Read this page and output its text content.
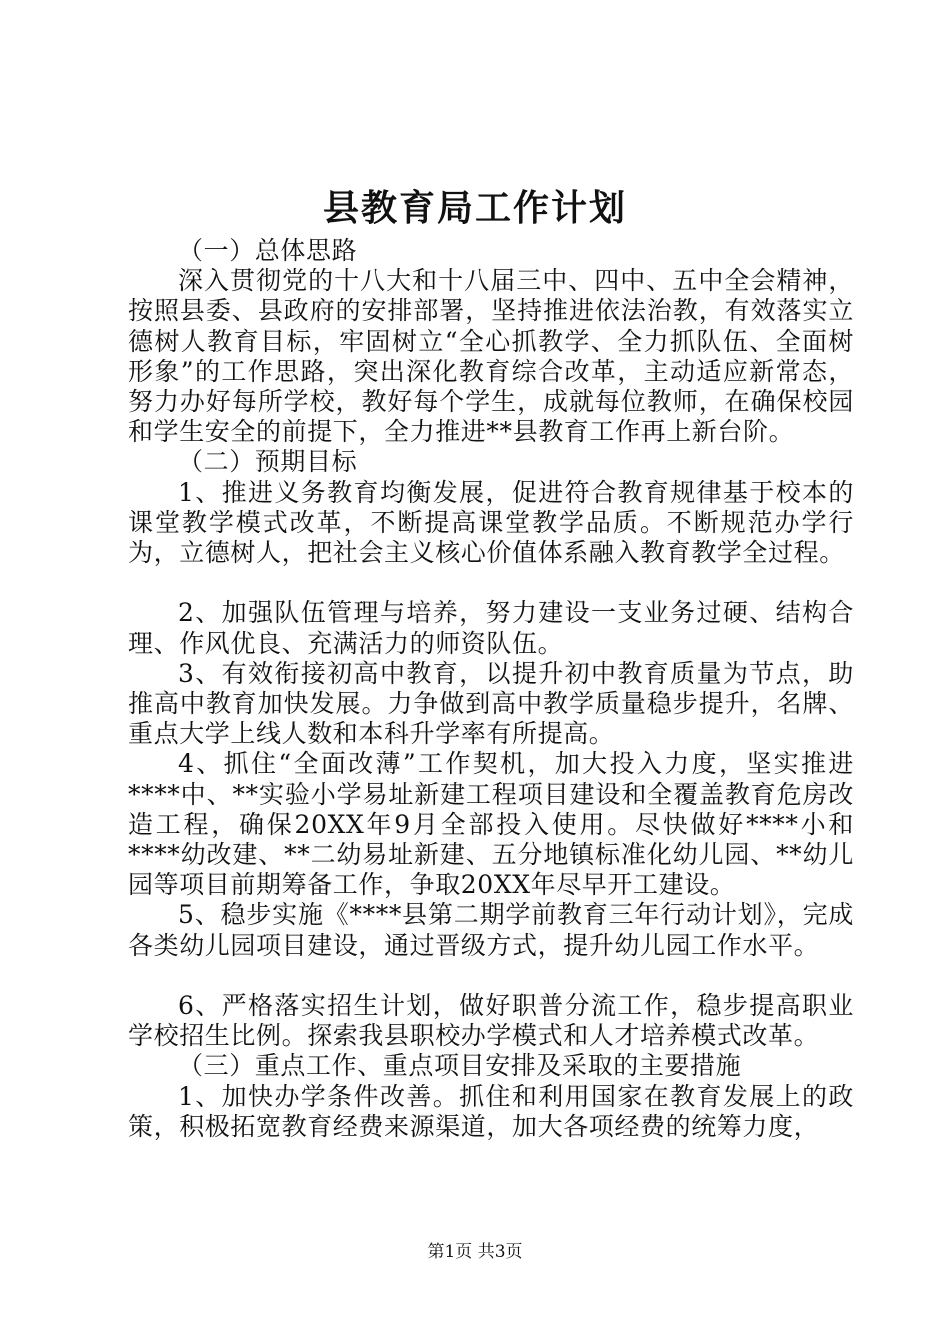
县教育局工作计划

（一）总体思路

深入贯彻党的十八大和十八届三中、四中、五中全会精神，按照县委、县政府的安排部署，坚持推进依法治教，有效落实立德树人教育目标，牢固树立“全心抓教学、全力抓队伍、全面树形象”的工作思路，突出深化教育综合改革，主动适应新常态，努力办好每所学校，教好每个学生，成就每位教师，在确保校园和学生安全的前提下，全力推进**县教育工作再上新台阶。

（二）预期目标

1、推进义务教育均衡发展，促进符合教育规律基于校本的课堂教学模式改革，不断提高课堂教学品质。不断规范办学行为，立德树人，把社会主义核心价值体系融入教育教学全过程。

2、加强队伍管理与培养，努力建设一支业务过硬、结构合理、作风优良、充满活力的师资队伍。

3、有效衔接初高中教育，以提升初中教育质量为节点，助推高中教育加快发展。力争做到高中教学质量稳步提升，名牌、重点大学上线人数和本科升学率有所提高。

4、抓住“全面改薄”工作契机，加大投入力度，坚实推进****中、**实验小学易址新建工程项目建设和全覆盖教育危房改造工程，确保20XX年9月全部投入使用。尽快做好****小和****幼改建、**二幼易址新建、五分地镇标准化幼儿园、**幼儿园等项目前期筹备工作，争取20XX年尽早开工建设。

5、稳步实施《****县第二期学前教育三年行动计划》，完成各类幼儿园项目建设，通过晋级方式，提升幼儿园工作水平。

6、严格落实招生计划，做好职普分流工作，稳步提高职业学校招生比例。探索我县职校办学模式和人才培养模式改革。

（三）重点工作、重点项目安排及采取的主要措施

1、加快办学条件改善。抓住和利用国家在教育发展上的政策，积极拓宽教育经费来源渠道，加大各项经费的统筹力度，

第1页 共3页
